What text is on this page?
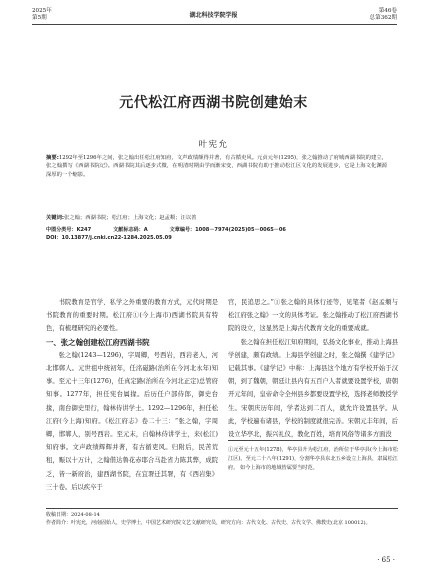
2025年
第5期	湖北科技学院学报
第46卷
总第362期
元代松江府西湖书院创建始末
叶宪允
摘要:1292年至1296年之间，张之翰出任松江府知府，文声政绩颇得并著，有古循吏风。元贞元年(1295)，张之翰推动了府城西湖书院的建立，张之翰撰写《西湖书院记》。西湖书院其后逐步式微，在明清时期由学而渐宋变，西湖书院有助于推动松江区文化的发展进步，它是上海文化渊源深厚的一个缩影。
关键词:张之翰；西湖书院；松江府；上海文化；赵孟頫；汪以善
中图分类号：K247	文献标志码：A	文章编号：1008－7974(2025)05－0065－06
DOI：10.13877/j.cnki.cn22-1284.2025.05.09

书院教育是官学、私学之外重要的教育方式，元代时期是书院教育的重要时期。松江府①(今上海市)西湖书院具有特色，有梳理研究的必要性。

一、张之翰创建松江府西湖书院

张之翰(1243—1296)，字周卿，号西岩，西岩老人，河北邯郸人。元世祖中统初年，任洺磁路(治所在今河北永年)知事。至元十三年(1276)，任真定路(治所在今河北正定)总管府知事。1277年，担任宪台属掾。后历任户部侍郎，御史台掾，南台御史里行，翰林侍讲学士。1292—1296年，担任松江府(今上海)知府。《松江府志》卷二十三：“张之翰，字周卿，邯郸人，别号西岩。至元末，自翰林侍讲学士，来(松江)知府事。文声政绩辉辉并著，有古循吏风。归附后，民苦荒租，赈以十万计，之翰偕达鲁花赤耶合马赴省力陈其弊，成院乏，皆一新府治，建西湖书院，在宜署迁其署，有《西岩集》三十卷。后以疾卒于

官，民追思之。”①张之翰的具体行迹等，见笔者《赵孟頫与松江府张之翰》一文的具体考证。张之翰推动了松江府西湖书院的设立，这显然是上海古代教育文化的重要成就。

张之翰在担任松江知府期间，弘扬文化事业，推动上海县学创建，颇有政绩。上海县学创建之时，张之翰撰《建学记》记载其事。《建学记》中称：上海县这个地方有学校开始于汉朝，到了魏朝，朝廷让县内有五百户人者就要设置学校，唐朝开元年间，皇帝命令全州县乡都要设置学校，选择老师教授学生。宋朝庆历年间，学者达到二百人，就允许设置县学。从此，学校遍布诸县，学校的制度就很完善。宋朝元丰年间，后设立华亭北，振兴礼仪，教化百姓，培育风俗等诸多方面没

①元至元十五年(1278)，华亭县升为松江府，治所位于华亭县(今上海市松江区)。至元二十八年(1291)，分割华亭县东北五乡设立上海县，隶属松江府。 如今上海市的地域皆属要当时范。
收稿日期：2024-08-14
作者简介：叶宪允，河南固始人，史学博士，中国艺术研究院文艺文献研究员，研究方向：古代文化、古代史、古代文学、佛教史(北京 100012)。
· 65 ·
